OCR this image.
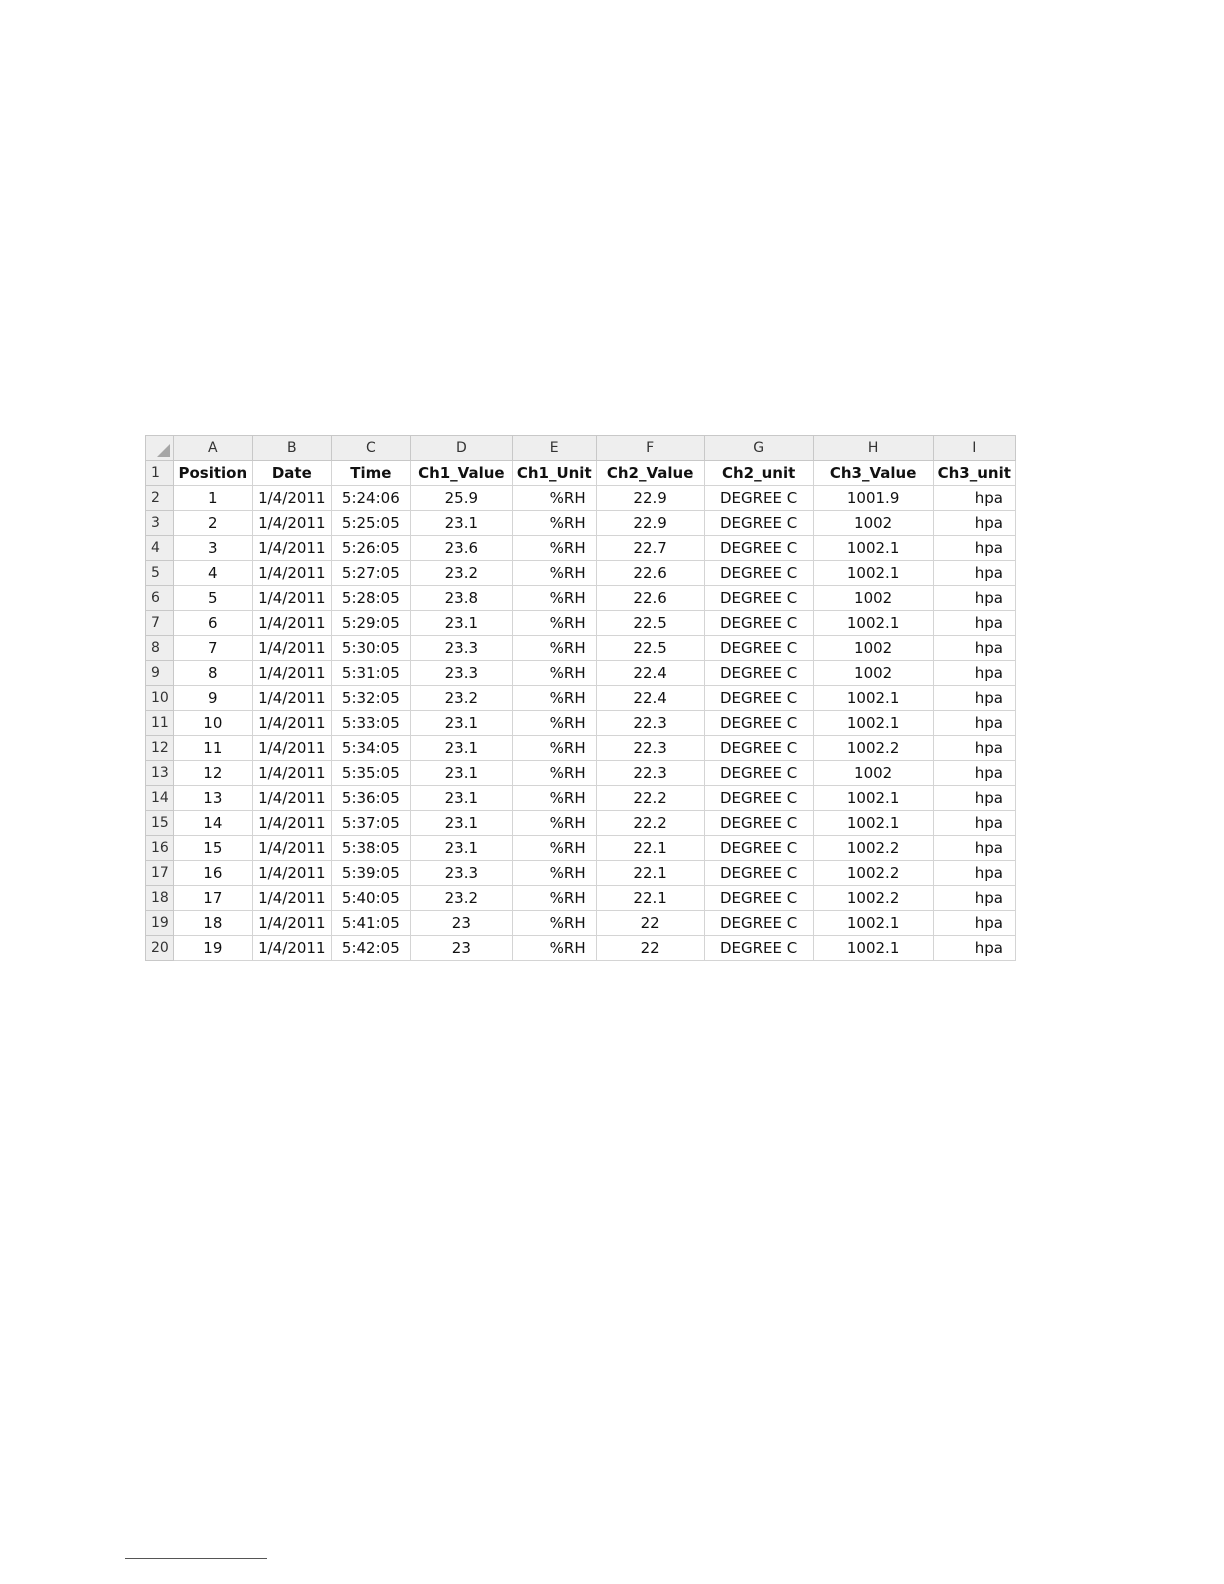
	A	B	C	D	E	F	G	H	I
1	Position	Date	Time	Ch1_Value	Ch1_Unit	Ch2_Value	Ch2_unit	Ch3_Value	Ch3_unit
2	1	1/4/2011	5:24:06	25.9	%RH	22.9	DEGREE C	1001.9	hpa
3	2	1/4/2011	5:25:05	23.1	%RH	22.9	DEGREE C	1002	hpa
4	3	1/4/2011	5:26:05	23.6	%RH	22.7	DEGREE C	1002.1	hpa
5	4	1/4/2011	5:27:05	23.2	%RH	22.6	DEGREE C	1002.1	hpa
6	5	1/4/2011	5:28:05	23.8	%RH	22.6	DEGREE C	1002	hpa
7	6	1/4/2011	5:29:05	23.1	%RH	22.5	DEGREE C	1002.1	hpa
8	7	1/4/2011	5:30:05	23.3	%RH	22.5	DEGREE C	1002	hpa
9	8	1/4/2011	5:31:05	23.3	%RH	22.4	DEGREE C	1002	hpa
10	9	1/4/2011	5:32:05	23.2	%RH	22.4	DEGREE C	1002.1	hpa
11	10	1/4/2011	5:33:05	23.1	%RH	22.3	DEGREE C	1002.1	hpa
12	11	1/4/2011	5:34:05	23.1	%RH	22.3	DEGREE C	1002.2	hpa
13	12	1/4/2011	5:35:05	23.1	%RH	22.3	DEGREE C	1002	hpa
14	13	1/4/2011	5:36:05	23.1	%RH	22.2	DEGREE C	1002.1	hpa
15	14	1/4/2011	5:37:05	23.1	%RH	22.2	DEGREE C	1002.1	hpa
16	15	1/4/2011	5:38:05	23.1	%RH	22.1	DEGREE C	1002.2	hpa
17	16	1/4/2011	5:39:05	23.3	%RH	22.1	DEGREE C	1002.2	hpa
18	17	1/4/2011	5:40:05	23.2	%RH	22.1	DEGREE C	1002.2	hpa
19	18	1/4/2011	5:41:05	23	%RH	22	DEGREE C	1002.1	hpa
20	19	1/4/2011	5:42:05	23	%RH	22	DEGREE C	1002.1	hpa
